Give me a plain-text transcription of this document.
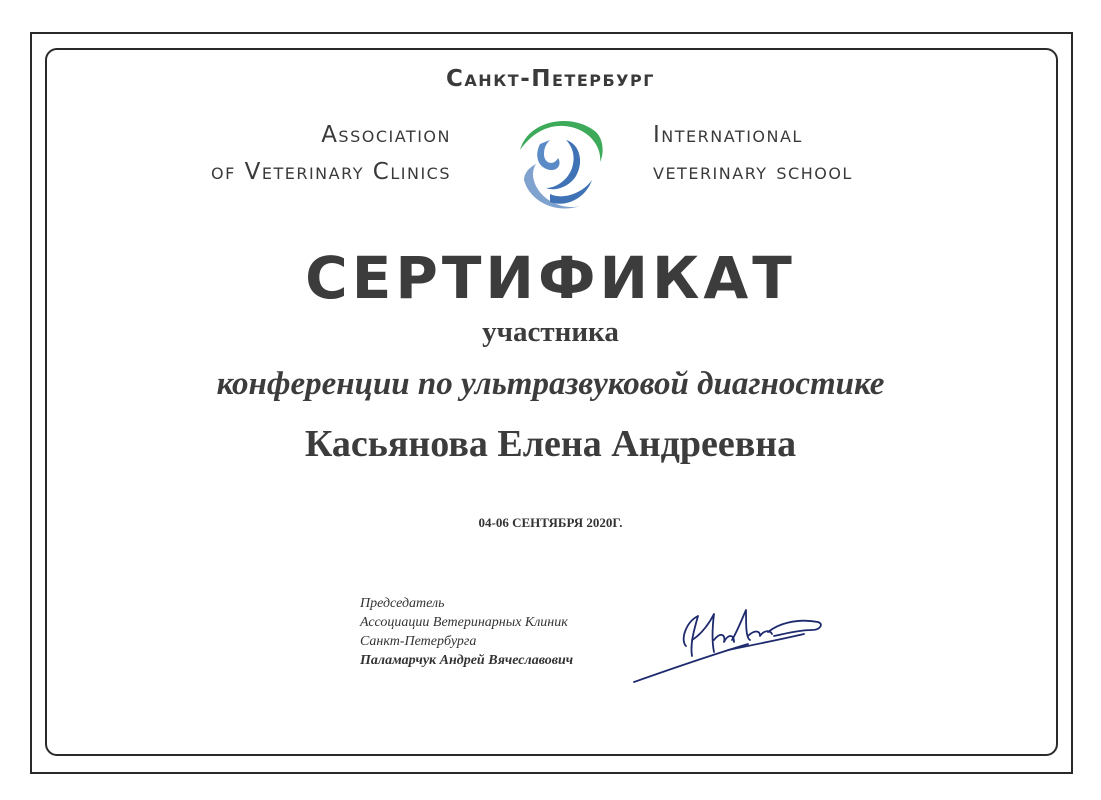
Санкт-Петербург
Association
of Veterinary Clinics
International
veterinary school
СЕРТИФИКАТ
участника
конференции по ультразвуковой диагностике
Касьянова Елена Андреевна
04-06 СЕНТЯБРЯ 2020Г.
Председатель
Ассоциации Ветеринарных Клиник
Санкт-Петербурга
Паламарчук Андрей Вячеславович
